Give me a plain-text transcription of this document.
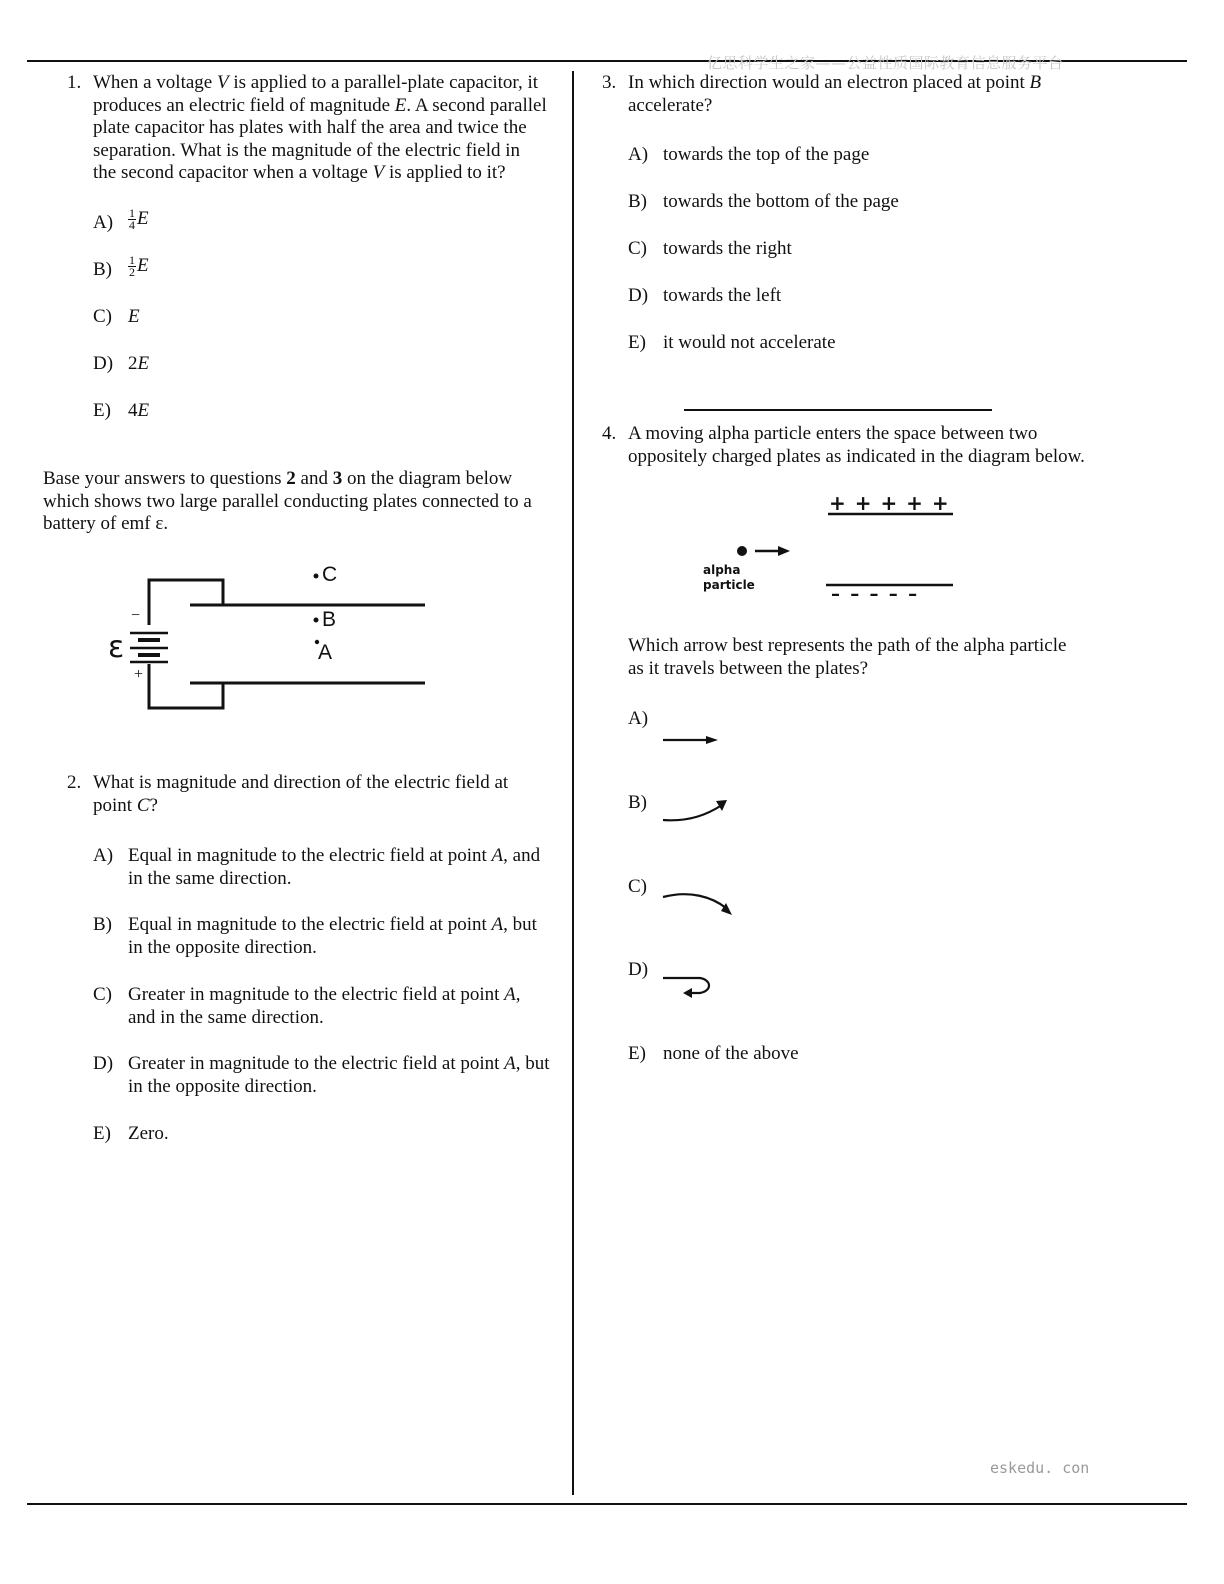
亿思科学生之家——公益性质国际教育信息服务平台
eskedu. con
1. When a voltage V is applied to a parallel-plate capacitor, it
produces an electric field of magnitude E. A second parallel
plate capacitor has plates with half the area and twice the
separation. What is the magnitude of the electric field in
the second capacitor when a voltage V is applied to it?
$A) \frac{1}{4}$ E
$B) \frac{1}{2}$ E
C) E
D) 2E
E) 4E
Base your answers to questions 2 and 3 on the diagram below
which shows two large parallel conducting plates connected to a
battery of emf ε.
ε
−
+
C
B
A
2. What is magnitude and direction of the electric field at
point C?
A) Equal in magnitude to the electric field at point A, and
in the same direction.
B) Equal in magnitude to the electric field at point A, but
in the opposite direction.
C) Greater in magnitude to the electric field at point A,
and in the same direction.
D) Greater in magnitude to the electric field at point A, but
in the opposite direction.
E) Zero.
3. In which direction would an electron placed at point B
accelerate?
A) towards the top of the page
B) towards the bottom of the page
C) towards the right
D) towards the left
E) it would not accelerate
4. A moving alpha particle enters the space between two
oppositely charged plates as indicated in the diagram below.
+ + + + +
– – – – –
alpha
particle
Which arrow best represents the path of the alpha particle
as it travels between the plates?
A)
B)
C)
D)
E) none of the above
